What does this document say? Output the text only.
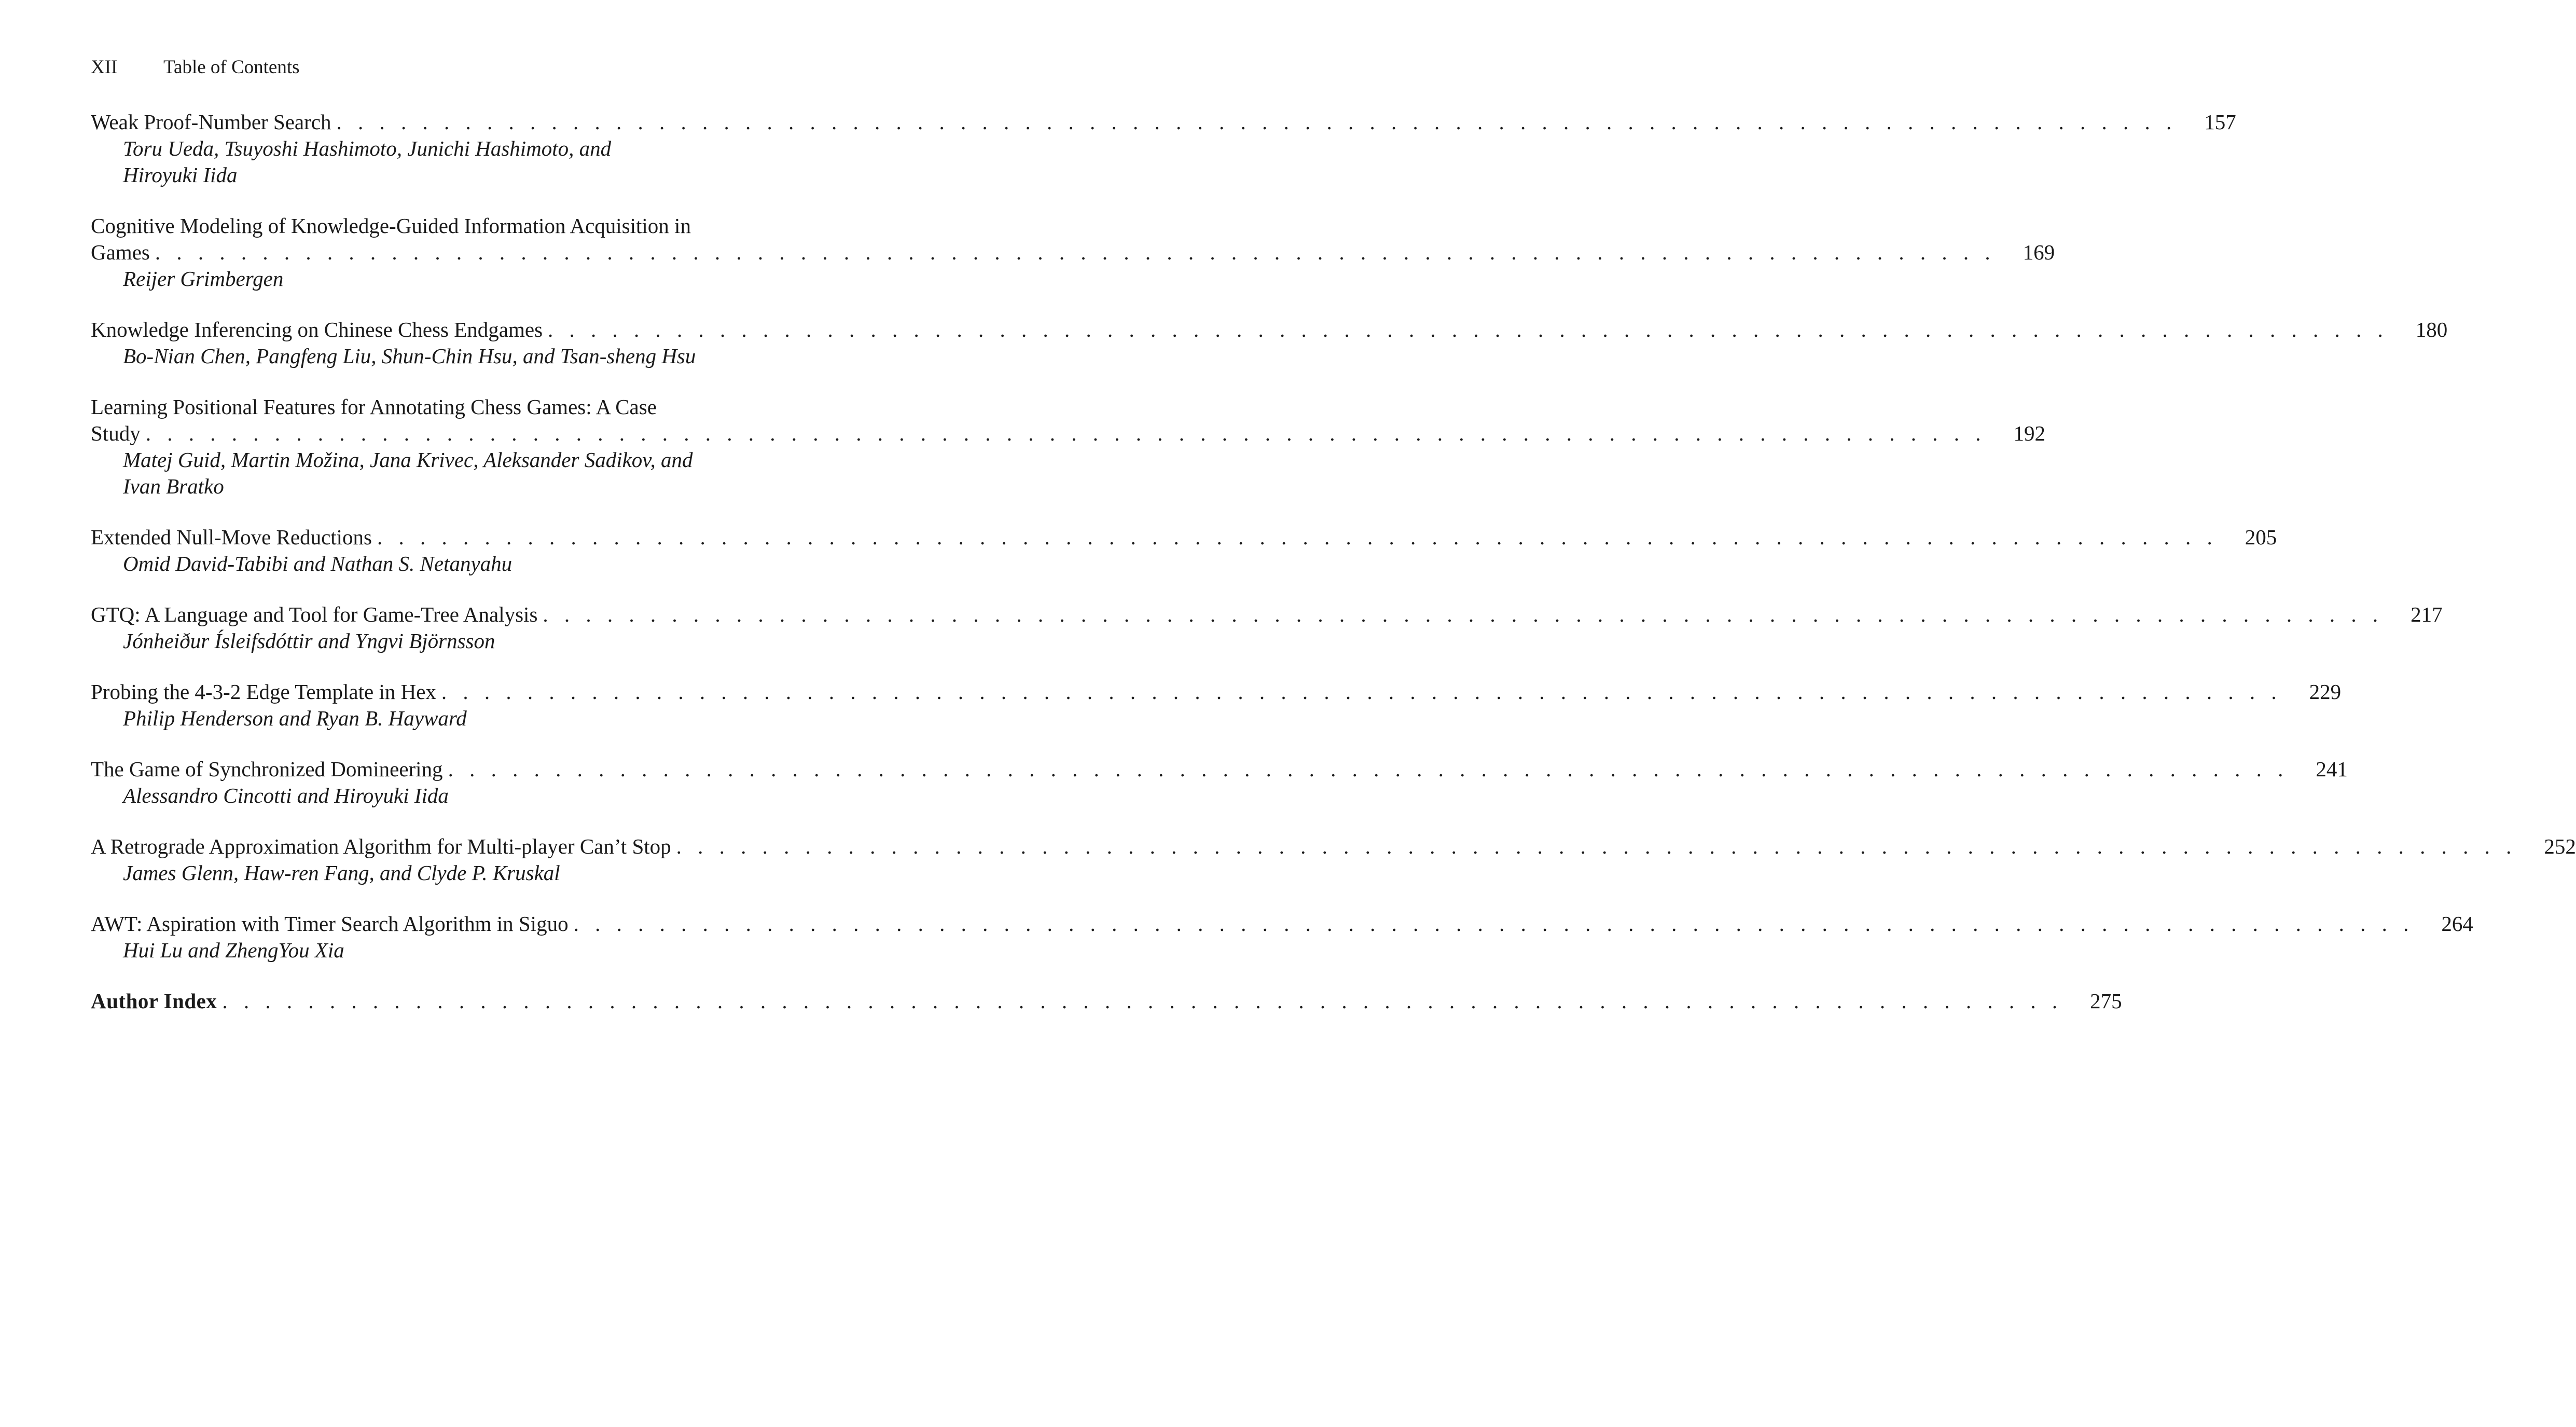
XII Table of Contents
Weak Proof-Number Search . . . . . . . . . . . . . . . . . . . . . . . . . . . . . . . . . . . . . . . . . . . . . . . . . . . . . . . . . . . . . . . . . . . . . . . . . . . . . . . . . . . . . . 157
Toru Ueda, Tsuyoshi Hashimoto, Junichi Hashimoto, and
Hiroyuki Iida
Cognitive Modeling of Knowledge-Guided Information Acquisition in
Games . . . . . . . . . . . . . . . . . . . . . . . . . . . . . . . . . . . . . . . . . . . . . . . . . . . . . . . . . . . . . . . . . . . . . . . . . . . . . . . . . . . . . . 169
Reijer Grimbergen
Knowledge Inferencing on Chinese Chess Endgames . . . . . . . . . . . . . . . . . . . . . . . . . . . . . . . . . . . . . . . . . . . . . . . . . . . . . . . . . . . . . . . . . . . . . . . . . . . . . . . . . . . . . . 180
Bo-Nian Chen, Pangfeng Liu, Shun-Chin Hsu, and Tsan-sheng Hsu
Learning Positional Features for Annotating Chess Games: A Case
Study . . . . . . . . . . . . . . . . . . . . . . . . . . . . . . . . . . . . . . . . . . . . . . . . . . . . . . . . . . . . . . . . . . . . . . . . . . . . . . . . . . . . . . 192
Matej Guid, Martin Možina, Jana Krivec, Aleksander Sadikov, and
Ivan Bratko
Extended Null-Move Reductions . . . . . . . . . . . . . . . . . . . . . . . . . . . . . . . . . . . . . . . . . . . . . . . . . . . . . . . . . . . . . . . . . . . . . . . . . . . . . . . . . . . . . . 205
Omid David-Tabibi and Nathan S. Netanyahu
GTQ: A Language and Tool for Game-Tree Analysis . . . . . . . . . . . . . . . . . . . . . . . . . . . . . . . . . . . . . . . . . . . . . . . . . . . . . . . . . . . . . . . . . . . . . . . . . . . . . . . . . . . . . . 217
Jónheiður Ísleifsdóttir and Yngvi Björnsson
Probing the 4-3-2 Edge Template in Hex . . . . . . . . . . . . . . . . . . . . . . . . . . . . . . . . . . . . . . . . . . . . . . . . . . . . . . . . . . . . . . . . . . . . . . . . . . . . . . . . . . . . . . 229
Philip Henderson and Ryan B. Hayward
The Game of Synchronized Domineering . . . . . . . . . . . . . . . . . . . . . . . . . . . . . . . . . . . . . . . . . . . . . . . . . . . . . . . . . . . . . . . . . . . . . . . . . . . . . . . . . . . . . . 241
Alessandro Cincotti and Hiroyuki Iida
A Retrograde Approximation Algorithm for Multi-player Can’t Stop . . . . . . . . . . . . . . . . . . . . . . . . . . . . . . . . . . . . . . . . . . . . . . . . . . . . . . . . . . . . . . . . . . . . . . . . . . . . . . . . . . . . . . 252
James Glenn, Haw-ren Fang, and Clyde P. Kruskal
AWT: Aspiration with Timer Search Algorithm in Siguo . . . . . . . . . . . . . . . . . . . . . . . . . . . . . . . . . . . . . . . . . . . . . . . . . . . . . . . . . . . . . . . . . . . . . . . . . . . . . . . . . . . . . . 264
Hui Lu and ZhengYou Xia
Author Index . . . . . . . . . . . . . . . . . . . . . . . . . . . . . . . . . . . . . . . . . . . . . . . . . . . . . . . . . . . . . . . . . . . . . . . . . . . . . . . . . . . . . . 275
